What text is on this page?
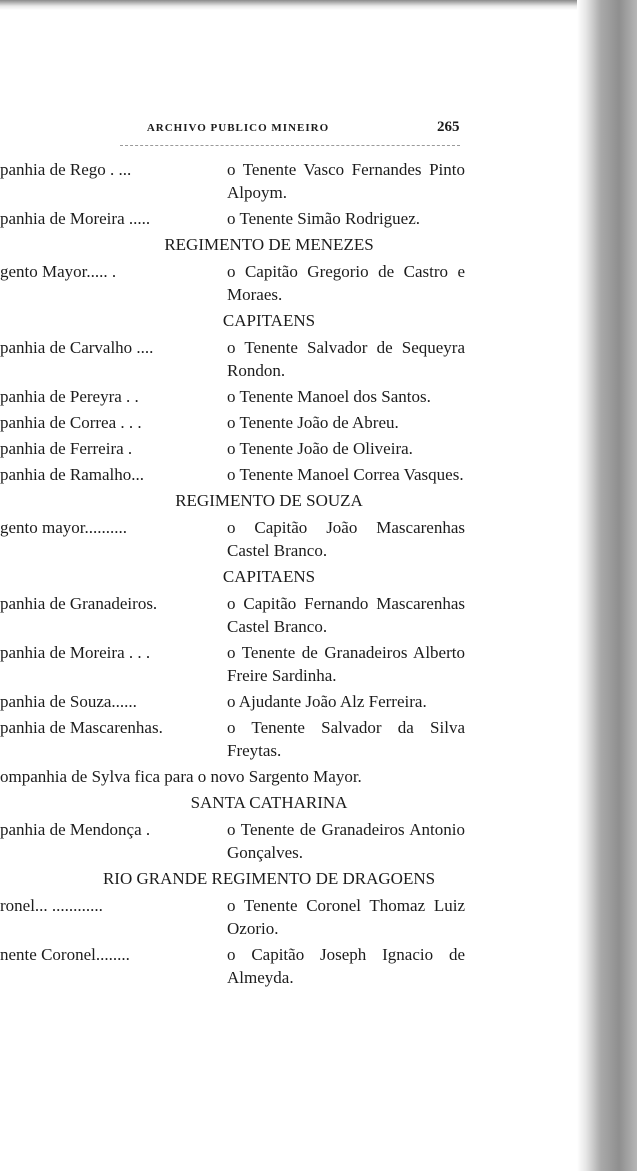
ARCHIVO PUBLICO MINEIRO	265
panhia de Rego . ...	o Tenente Vasco Fernandes Pinto Alpoym.
panhia de Moreira .....	o Tenente Simão Rodriguez.
REGIMENTO DE MENEZES
gento Mayor..... .	o Capitão Gregorio de Castro e Moraes.
CAPITAENS
panhia de Carvalho ....	o Tenente Salvador de Sequeyra Rondon.
panhia de Pereyra . .	o Tenente Manoel dos Santos.
panhia de Correa . . .	o Tenente João de Abreu.
panhia de Ferreira .	o Tenente João de Oliveira.
panhia de Ramalho...	o Tenente Manoel Correa Vasques.
REGIMENTO DE SOUZA
gento mayor..........	o Capitão João Mascarenhas Castel Branco.
CAPITAENS
panhia de Granadeiros.	o Capitão Fernando Mascarenhas Castel Branco.
panhia de Moreira . . .	o Tenente de Granadeiros Alberto Freire Sardinha.
panhia de Souza......	o Ajudante João Alz Ferreira.
panhia de Mascarenhas.	o Tenente Salvador da Silva Freytas.
ompanhia de Sylva fica para o novo Sargento Mayor.
SANTA CATHARINA
panhia de Mendonça .	o Tenente de Granadeiros Antonio Gonçalves.
RIO GRANDE REGIMENTO DE DRAGOENS
ronel... ............	o Tenente Coronel Thomaz Luiz Ozorio.
nente Coronel........	o Capitão Joseph Ignacio de Almeyda.
